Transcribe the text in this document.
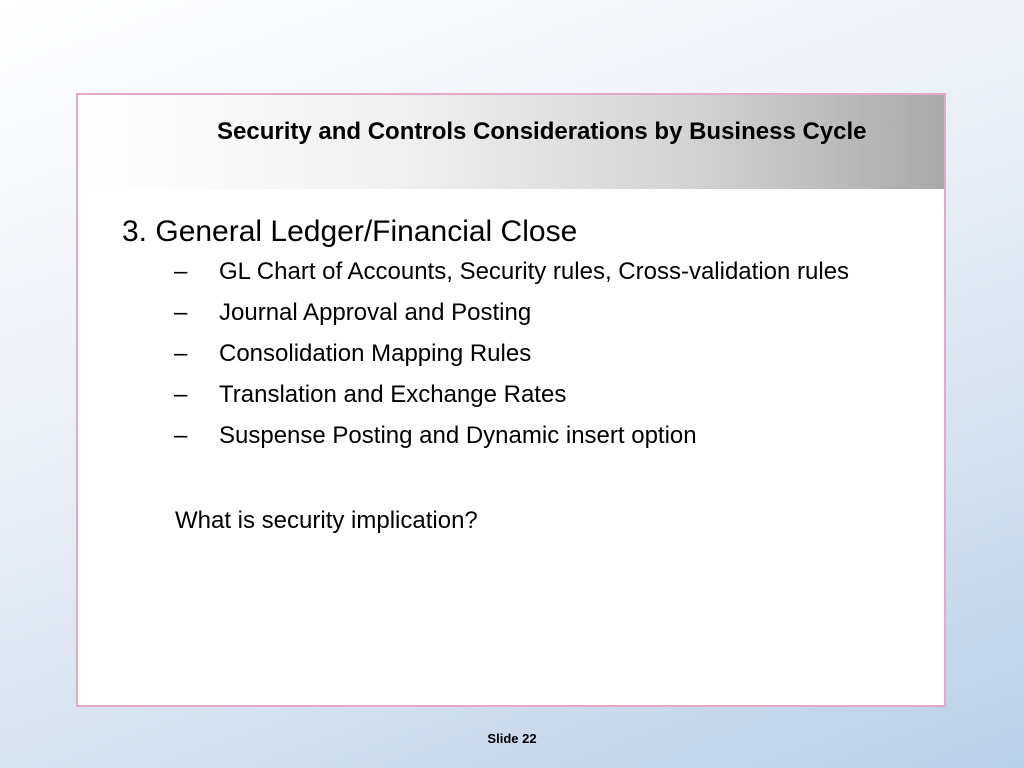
Security and Controls Considerations by Business Cycle
3. General Ledger/Financial Close
– GL Chart of Accounts, Security rules, Cross-validation rules
– Journal Approval and Posting
– Consolidation Mapping Rules
– Translation and Exchange Rates
– Suspense Posting and Dynamic insert option
What is security implication?
Slide 22
